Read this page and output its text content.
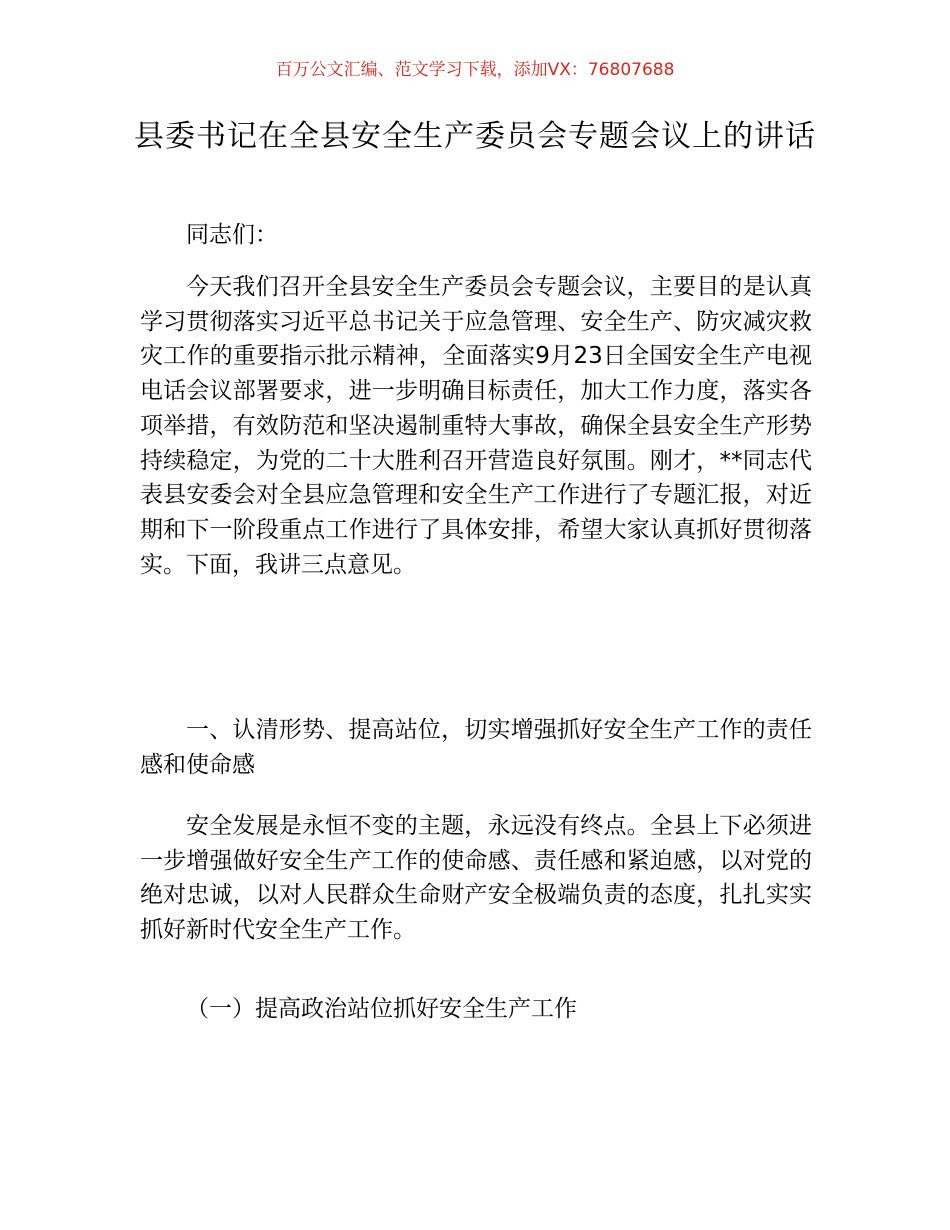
百万公文汇编、范文学习下载，添加VX：76807688
县委书记在全县安全生产委员会专题会议上的讲话

同志们：

今天我们召开全县安全生产委员会专题会议，主要目的是认真学习贯彻落实习近平总书记关于应急管理、安全生产、防灾减灾救灾工作的重要指示批示精神，全面落实9月23日全国安全生产电视电话会议部署要求，进一步明确目标责任，加大工作力度，落实各项举措，有效防范和坚决遏制重特大事故，确保全县安全生产形势持续稳定，为党的二十大胜利召开营造良好氛围。刚才，**同志代表县安委会对全县应急管理和安全生产工作进行了专题汇报，对近期和下一阶段重点工作进行了具体安排，希望大家认真抓好贯彻落实。下面，我讲三点意见。

一、认清形势、提高站位，切实增强抓好安全生产工作的责任感和使命感

安全发展是永恒不变的主题，永远没有终点。全县上下必须进一步增强做好安全生产工作的使命感、责任感和紧迫感，以对党的绝对忠诚，以对人民群众生命财产安全极端负责的态度，扎扎实实抓好新时代安全生产工作。

（一）提高政治站位抓好安全生产工作
